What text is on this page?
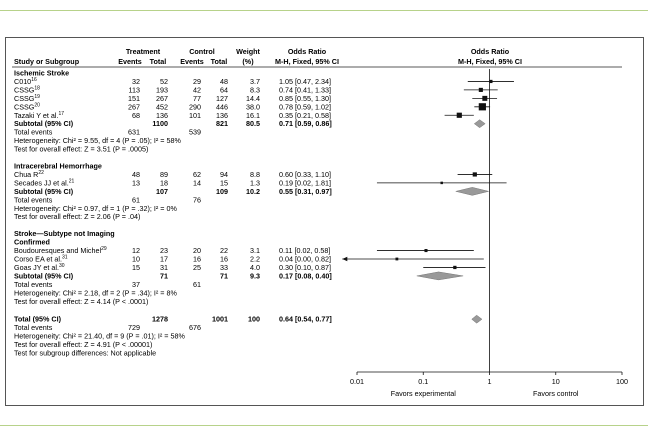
Study or Subgroup
Treatment	Control	Weight
(%)
Events Total Events Total
Odds Ratio
M-H, Fixed, 95% CI
Odds Ratio
M-H, Fixed, 95% CI
Ischemic Stroke
$C010^{16}$	32	52	29	48	3.7	1.05 [0.47, 2.34]
CSSG$^{18}$	113 193	42	64	8.3	0.74 [0.41, 1.33]
CSSG$^{19}$	151 267	77 127	14.4	0.85 [0.55, 1.30]
CSSG$^{20}$	267 452	290 446	38.0	0.78 [0.59, 1.02]
Tazaki Y et al.$^{17}$	68 136	101 136	16.1	0.35 [0.21, 0.58]
Subtotal (95% CI)	1100	821	80.5	0.71 [0.59, 0.86]
Total events	631	539
Heterogeneity: Chi² = 9.55, df = 4 (P = .05); I² = 58%
Test for overall effect: Z = 3.51 (P = .0005)
Intracerebral Hemorrhage
Chua $R^{22}$	48	89	62	94	8.8	0.60 [0.33, 1.10]
Secades JJ et al.$^{21}$	13	18	14	15	1.3	0.19 [0.02, 1.81]
Subtotal (95% CI)	107	109	10.2	0.55 [0.31, 0.97]
Total events	61	76
Heterogeneity: Chi² = 0.97, df = 1 (P = .32); I² = 0%
Test for overall effect: Z = 2.06 (P = .04)
Stroke—Subtype not Imaging
Confirmed
Boudouresques and Michel$^{29}$	12	23	20	22	3.1	0.11 [0.02, 0.58]
Corso EA et al.$^{31}$	10	17	16	16	2.2	0.04 [0.00, 0.82]
Goas JY et al.$^{30}$	15	31	25	33	4.0	0.30 [0.10, 0.87]
Subtotal (95% CI)	71	71	9.3	0.17 [0.08, 0.40]
Total events	37	61
Heterogeneity: Chi² = 2.18, df = 2 (P = .34); I² = 8%
Test for overall effect: Z = 4.14 (P < .0001)
Total (95% CI)	1278	1001	100	0.64 [0.54, 0.77]
Total events	729	676
Heterogeneity: Chi² = 21.40, df = 9 (P = .01); I² = 58%
Test for overall effect: Z = 4.91 (P < .00001)
Test for subgroup differences: Not applicable
0.01	0.1	1	10	100
Favors experimental	Favors control
